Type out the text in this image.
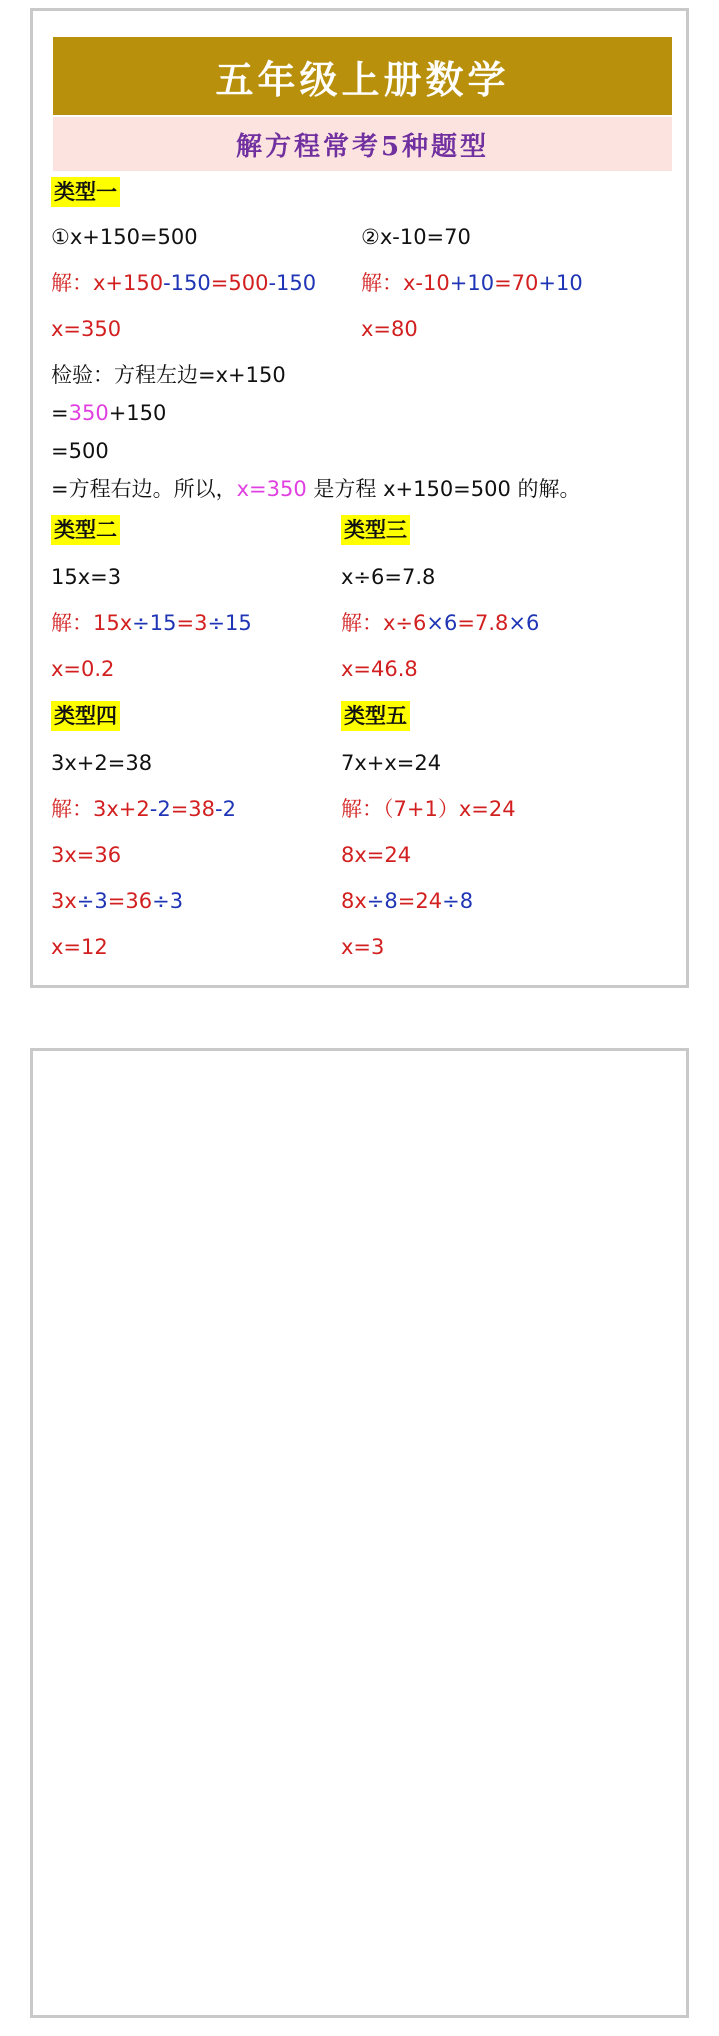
五年级上册数学
解方程常考5种题型
类型一
①x+150=500	②x-10=70
解：x+150-150=500-150 解：x-10+10=70+10
x=350	x=80
检验：方程左边=x+150
=350+150
=500
=方程右边。所以，x=350 是方程 x+150=500 的解。
类型二
15x=3
解：15x÷15=3÷15
x=0.2
类型三
x÷6=7.8
解：x÷6×6=7.8×6
x=46.8
类型四
3x+2=38
解：3x+2-2=38-2
3x=36
3x÷3=36÷3
x=12
类型五
7x+x=24
解：（7+1）x=24
8x=24
8x÷8=24÷8
x=3
